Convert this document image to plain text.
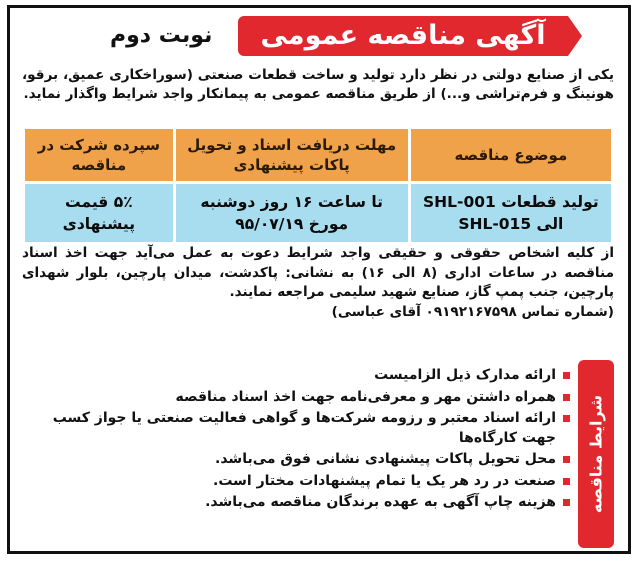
آگهی مناقصه عمومی
نوبت دوم
یکی از صنایع دولتی در نظر دارد تولید و ساخت قطعات صنعتی (سوراخکاری عمیق، برقو، هونینگ و فرم‌تراشی و...) از طریق مناقصه عمومی به پیمانکار واجد شرایط واگذار نماید.
موضوع مناقصه	مهلت دریافت اسناد و تحویل پاکات پیشنهادی	سپرده شرکت در مناقصه
تولید قطعات SHL-001 الی SHL-015	تا ساعت ۱۶ روز دوشنبه مورخ ۹۵/۰۷/۱۹	۵٪ قیمت پیشنهادی
از کلیه اشخاص حقوقی و حقیقی واجد شرایط دعوت به عمل می‌آید جهت اخذ اسناد مناقصه در ساعات اداری (۸ الی ۱۶) به نشانی: پاکدشت، میدان پارچین، بلوار شهدای پارچین، جنب پمپ گاز، صنایع شهید سلیمی مراجعه نمایند.
(شماره تماس ۰۹۱۹۲۱۶۷۵۹۸ آقای عباسی)
شرایط مناقصه
ارائه مدارک ذیل الزامیست
همراه داشتن مهر و معرفی‌نامه جهت اخذ اسناد مناقصه
ارائه اسناد معتبر و رزومه شرکت‌ها و گواهی فعالیت صنعتی یا جواز کسب جهت کارگاه‌ها
محل تحویل پاکات پیشنهادی نشانی فوق می‌باشد.
صنعت در رد هر یک یا تمام پیشنهادات مختار است.
هزینه چاپ آگهی به عهده برندگان مناقصه می‌باشد.
